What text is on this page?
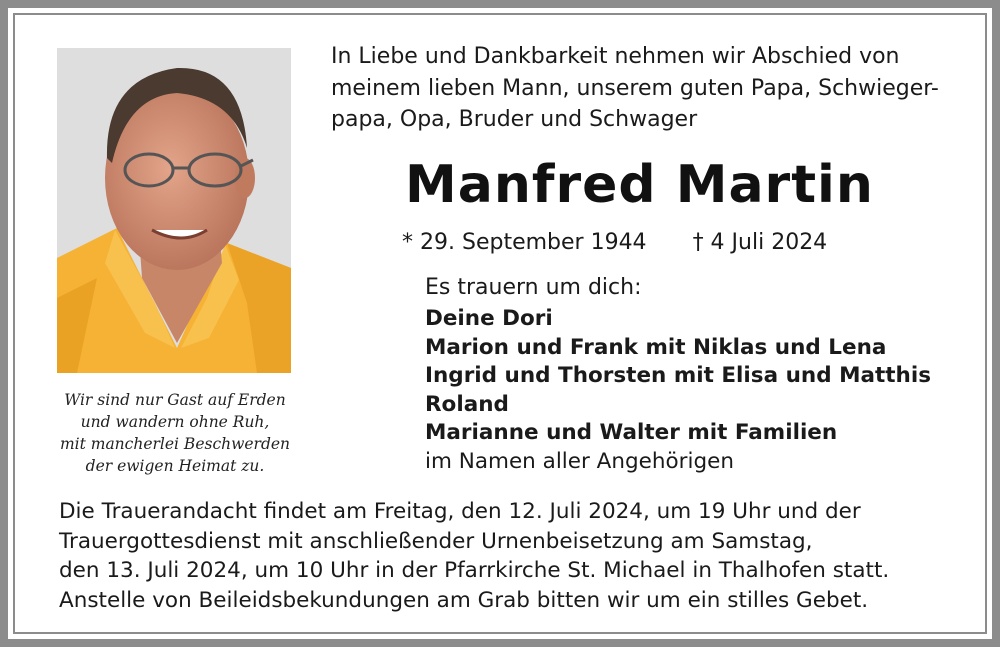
Wir sind nur Gast auf Erden
und wandern ohne Ruh,
mit mancherlei Beschwerden
der ewigen Heimat zu.
In Liebe und Dankbarkeit nehmen wir Abschied von
meinem lieben Mann, unserem guten Papa, Schwieger-
papa, Opa, Bruder und Schwager
Manfred Martin
* 29. September 1944 † 4 Juli 2024
Es trauern um dich:
Deine Dori
Marion und Frank mit Niklas und Lena
Ingrid und Thorsten mit Elisa und Matthis
Roland
Marianne und Walter mit Familien
im Namen aller Angehörigen
Die Trauerandacht findet am Freitag, den 12. Juli 2024, um 19 Uhr und der
Trauergottesdienst mit anschließender Urnenbeisetzung am Samstag,
den 13. Juli 2024, um 10 Uhr in der Pfarrkirche St. Michael in Thalhofen statt.
Anstelle von Beileidsbekundungen am Grab bitten wir um ein stilles Gebet.
